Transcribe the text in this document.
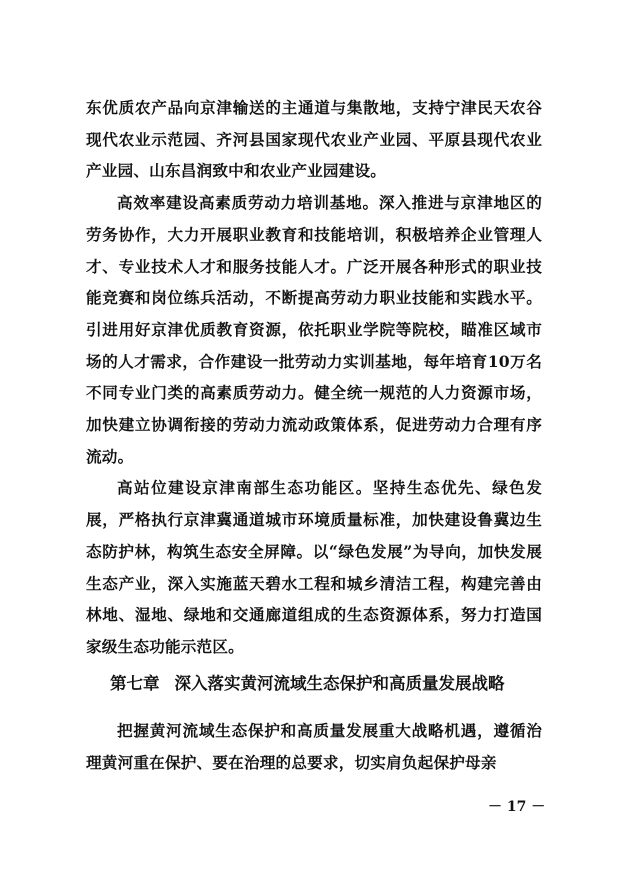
东优质农产品向京津输送的主通道与集散地，支持宁津民天农谷现代农业示范园、齐河县国家现代农业产业园、平原县现代农业产业园、山东昌润致中和农业产业园建设。

高效率建设高素质劳动力培训基地。深入推进与京津地区的劳务协作，大力开展职业教育和技能培训，积极培养企业管理人才、专业技术人才和服务技能人才。广泛开展各种形式的职业技能竞赛和岗位练兵活动，不断提高劳动力职业技能和实践水平。引进用好京津优质教育资源，依托职业学院等院校，瞄准区域市场的人才需求，合作建设一批劳动力实训基地，每年培育10万名不同专业门类的高素质劳动力。健全统一规范的人力资源市场，加快建立协调衔接的劳动力流动政策体系，促进劳动力合理有序流动。

高站位建设京津南部生态功能区。坚持生态优先、绿色发展，严格执行京津冀通道城市环境质量标准，加快建设鲁冀边生态防护林，构筑生态安全屏障。以“绿色发展”为导向，加快发展生态产业，深入实施蓝天碧水工程和城乡清洁工程，构建完善由林地、湿地、绿地和交通廊道组成的生态资源体系，努力打造国家级生态功能示范区。

第七章 深入落实黄河流域生态保护和高质量发展战略

把握黄河流域生态保护和高质量发展重大战略机遇，遵循治理黄河重在保护、要在治理的总要求，切实肩负起保护母亲

－ 17 －
